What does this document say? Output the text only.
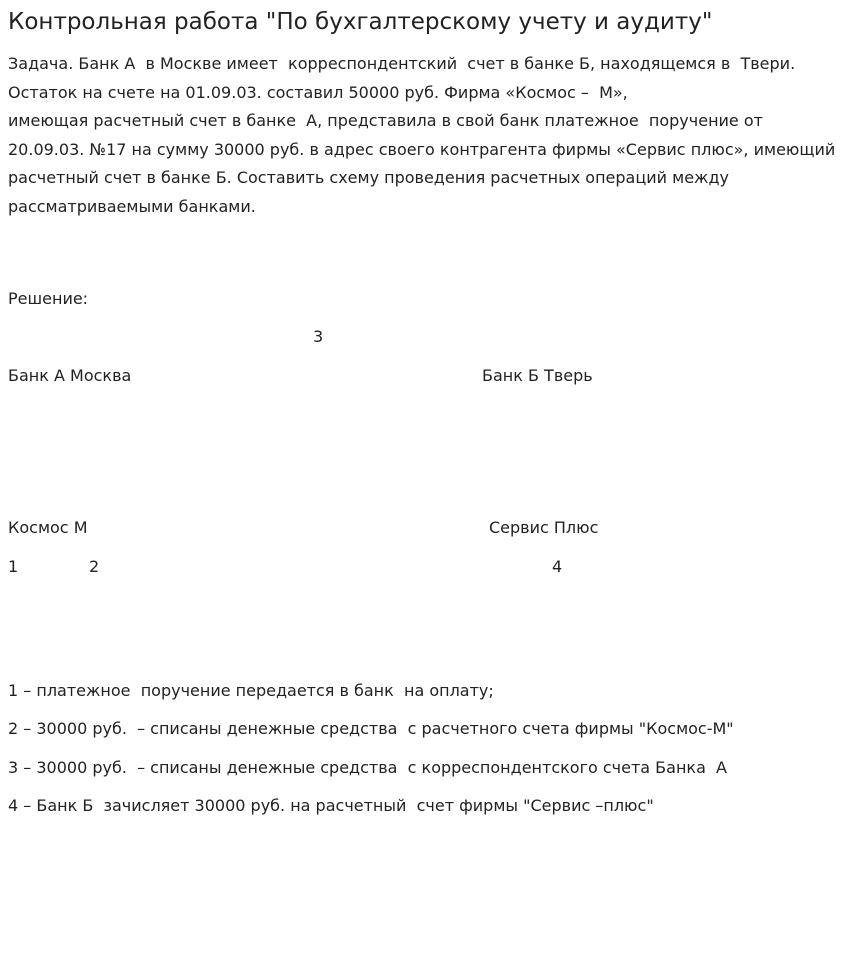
Контрольная работа "По бухгалтерскому учету и аудиту"
Задача. Банк А  в Москве имеет  корреспондентский  счет в банке Б, находящемся в  Твери.
Остаток на счете на 01.09.03. составил 50000 руб. Фирма «Космос –  М»,
имеющая расчетный счет в банке  А, представила в свой банк платежное  поручение от
20.09.03. №17 на сумму 30000 руб. в адрес своего контрагента фирмы «Сервис плюс», имеющий
расчетный счет в банке Б. Составить схему проведения расчетных операций между
рассматриваемыми банками.
Решение:
3
Банк А Москва	Банк Б Тверь
Космос М	Сервис Плюс
1	2	4
1 – платежное  поручение передается в банк  на оплату;
2 – 30000 руб.  – списаны денежные средства  с расчетного счета фирмы "Космос-М"
3 – 30000 руб.  – списаны денежные средства  с корреспондентского счета Банка  А
4 – Банк Б  зачисляет 30000 руб. на расчетный  счет фирмы "Сервис –плюс"
